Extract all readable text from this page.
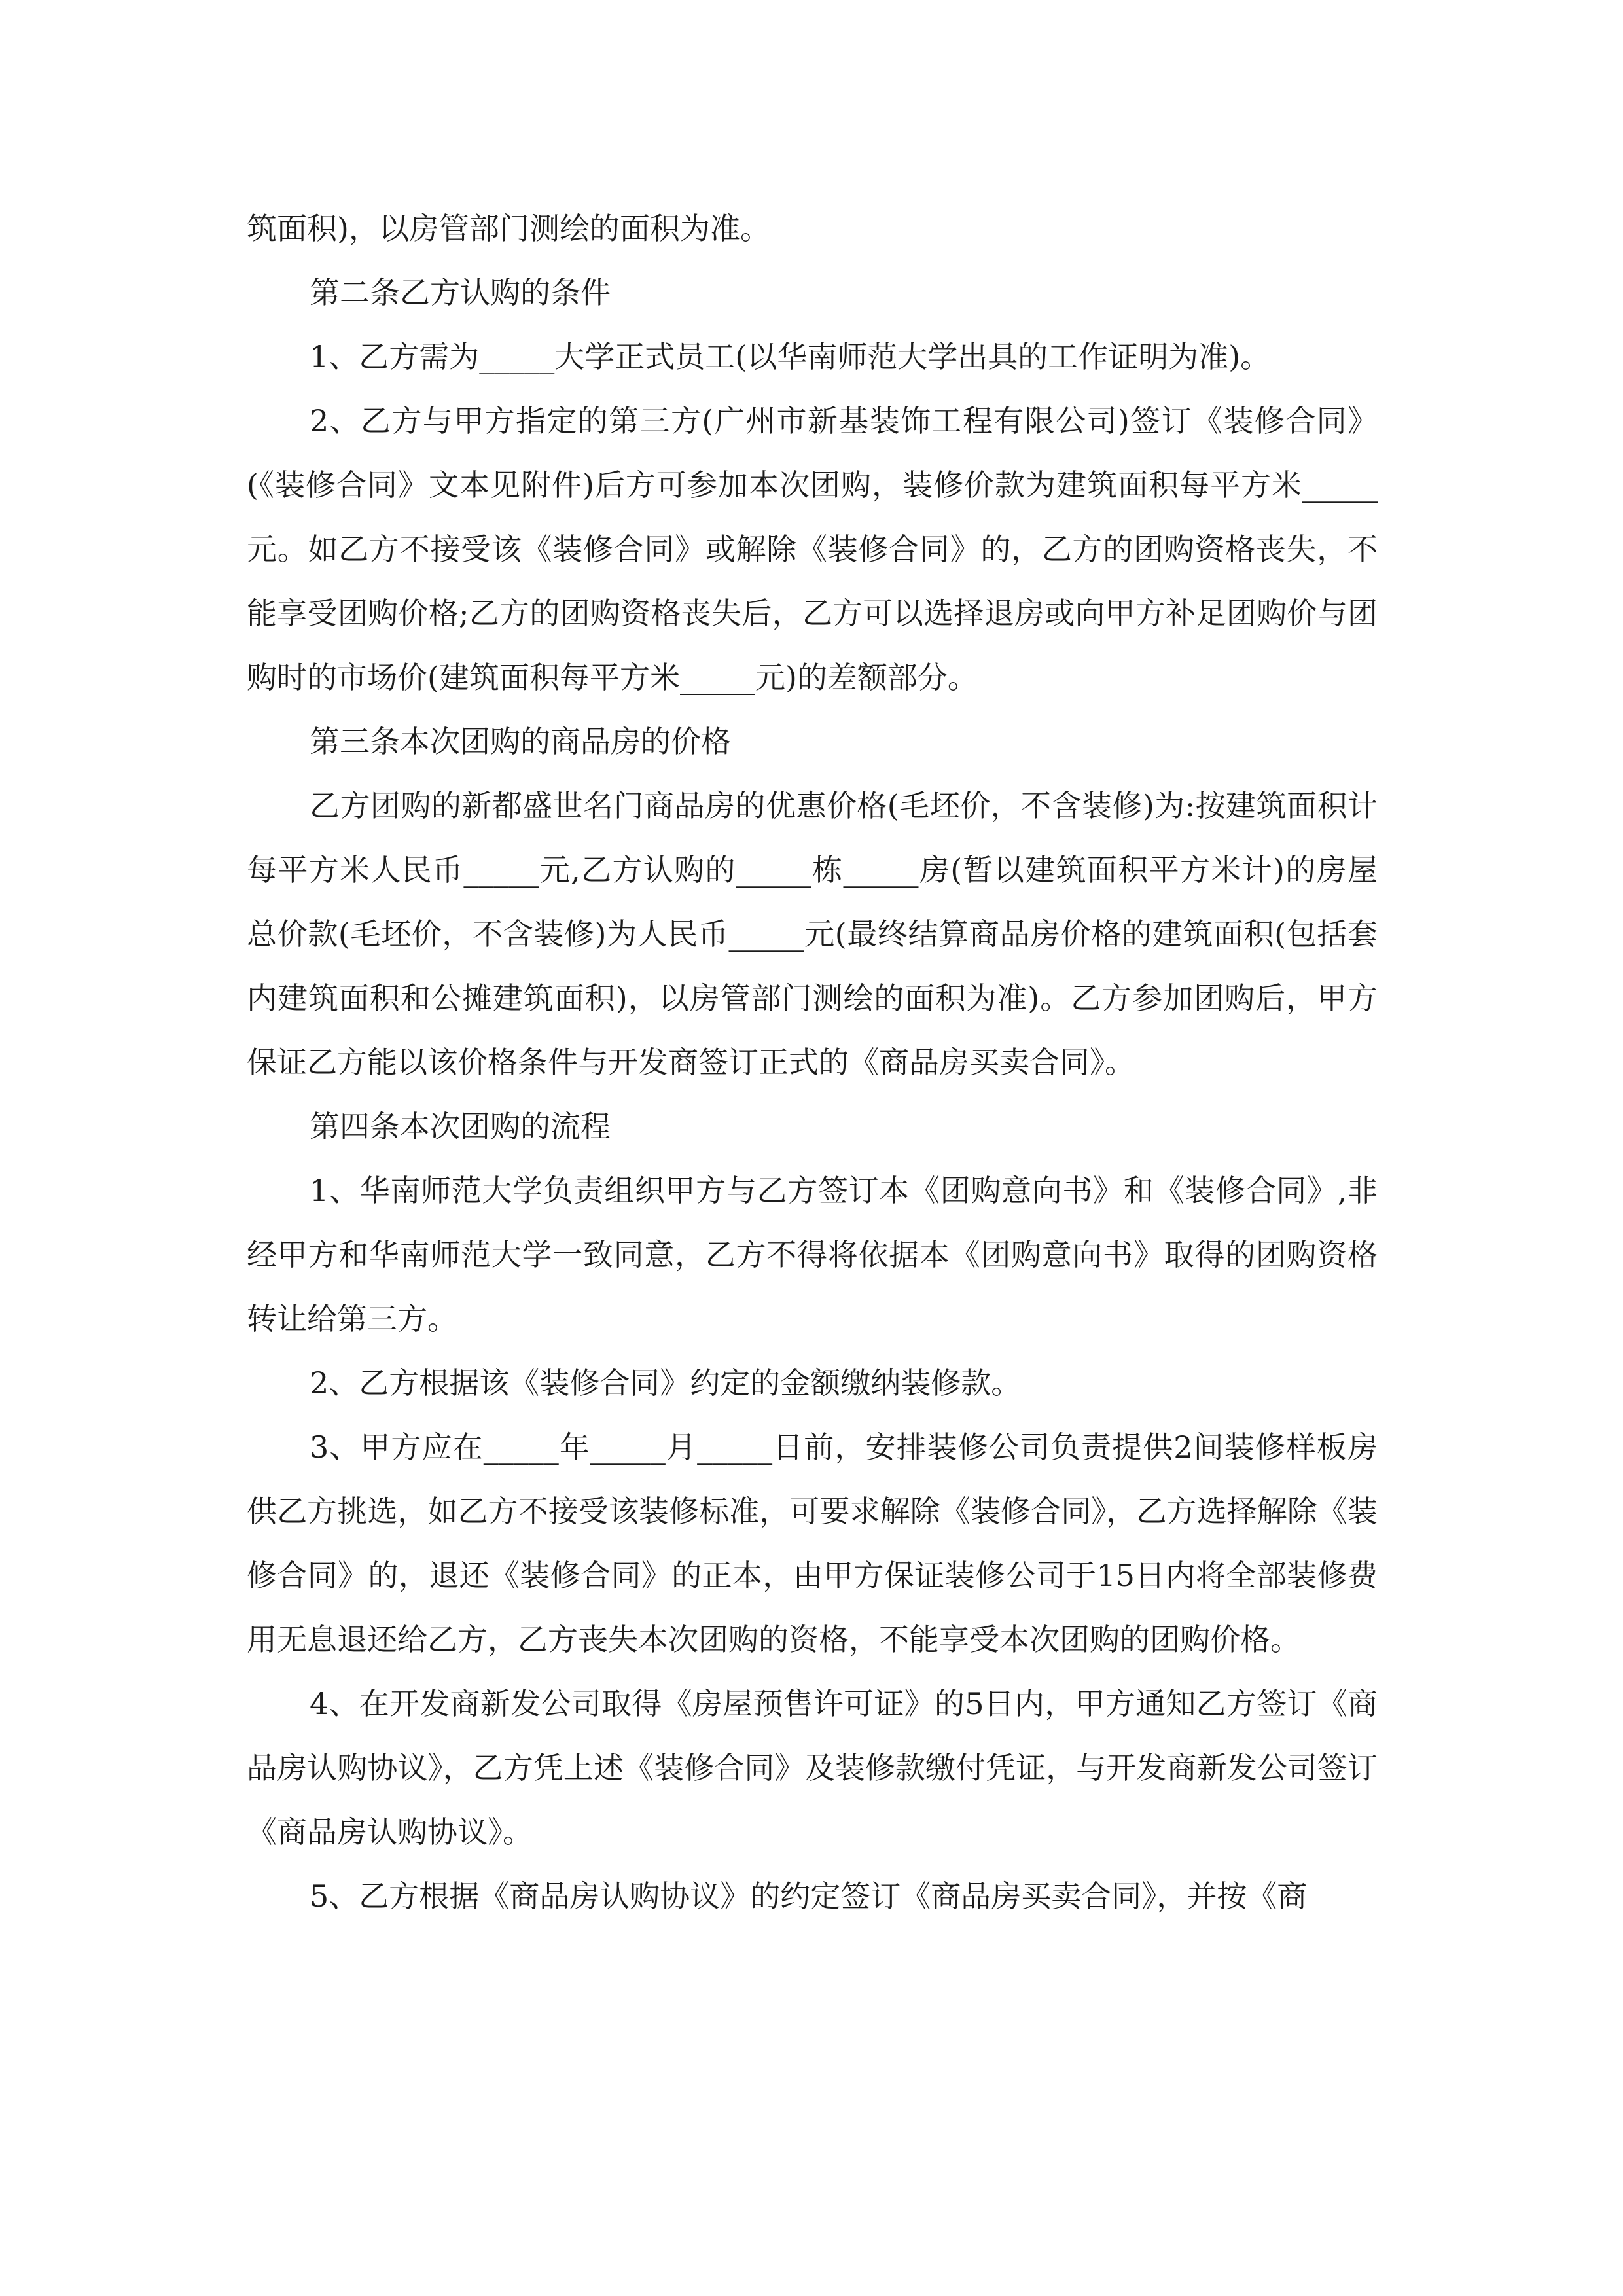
筑面积)，以房管部门测绘的面积为准。

第二条乙方认购的条件

1、乙方需为_____大学正式员工(以华南师范大学出具的工作证明为准)。

2、乙方与甲方指定的第三方(广州市新基装饰工程有限公司)签订《装修合同》(《装修合同》文本见附件)后方可参加本次团购，装修价款为建筑面积每平方米_____元。如乙方不接受该《装修合同》或解除《装修合同》的，乙方的团购资格丧失，不能享受团购价格;乙方的团购资格丧失后，乙方可以选择退房或向甲方补足团购价与团购时的市场价(建筑面积每平方米_____元)的差额部分。

第三条本次团购的商品房的价格

乙方团购的新都盛世名门商品房的优惠价格(毛坯价，不含装修)为:按建筑面积计每平方米人民币_____元,乙方认购的_____栋_____房(暂以建筑面积平方米计)的房屋总价款(毛坯价，不含装修)为人民币_____元(最终结算商品房价格的建筑面积(包括套内建筑面积和公摊建筑面积)，以房管部门测绘的面积为准)。乙方参加团购后，甲方保证乙方能以该价格条件与开发商签订正式的《商品房买卖合同》。

第四条本次团购的流程

1、华南师范大学负责组织甲方与乙方签订本《团购意向书》和《装修合同》,非经甲方和华南师范大学一致同意，乙方不得将依据本《团购意向书》取得的团购资格转让给第三方。

2、乙方根据该《装修合同》约定的金额缴纳装修款。

3、甲方应在_____年_____月_____日前，安排装修公司负责提供2间装修样板房供乙方挑选，如乙方不接受该装修标准，可要求解除《装修合同》，乙方选择解除《装修合同》的，退还《装修合同》的正本，由甲方保证装修公司于15日内将全部装修费用无息退还给乙方，乙方丧失本次团购的资格，不能享受本次团购的团购价格。

4、在开发商新发公司取得《房屋预售许可证》的5日内，甲方通知乙方签订《商品房认购协议》，乙方凭上述《装修合同》及装修款缴付凭证，与开发商新发公司签订《商品房认购协议》。

5、乙方根据《商品房认购协议》的约定签订《商品房买卖合同》，并按《商
